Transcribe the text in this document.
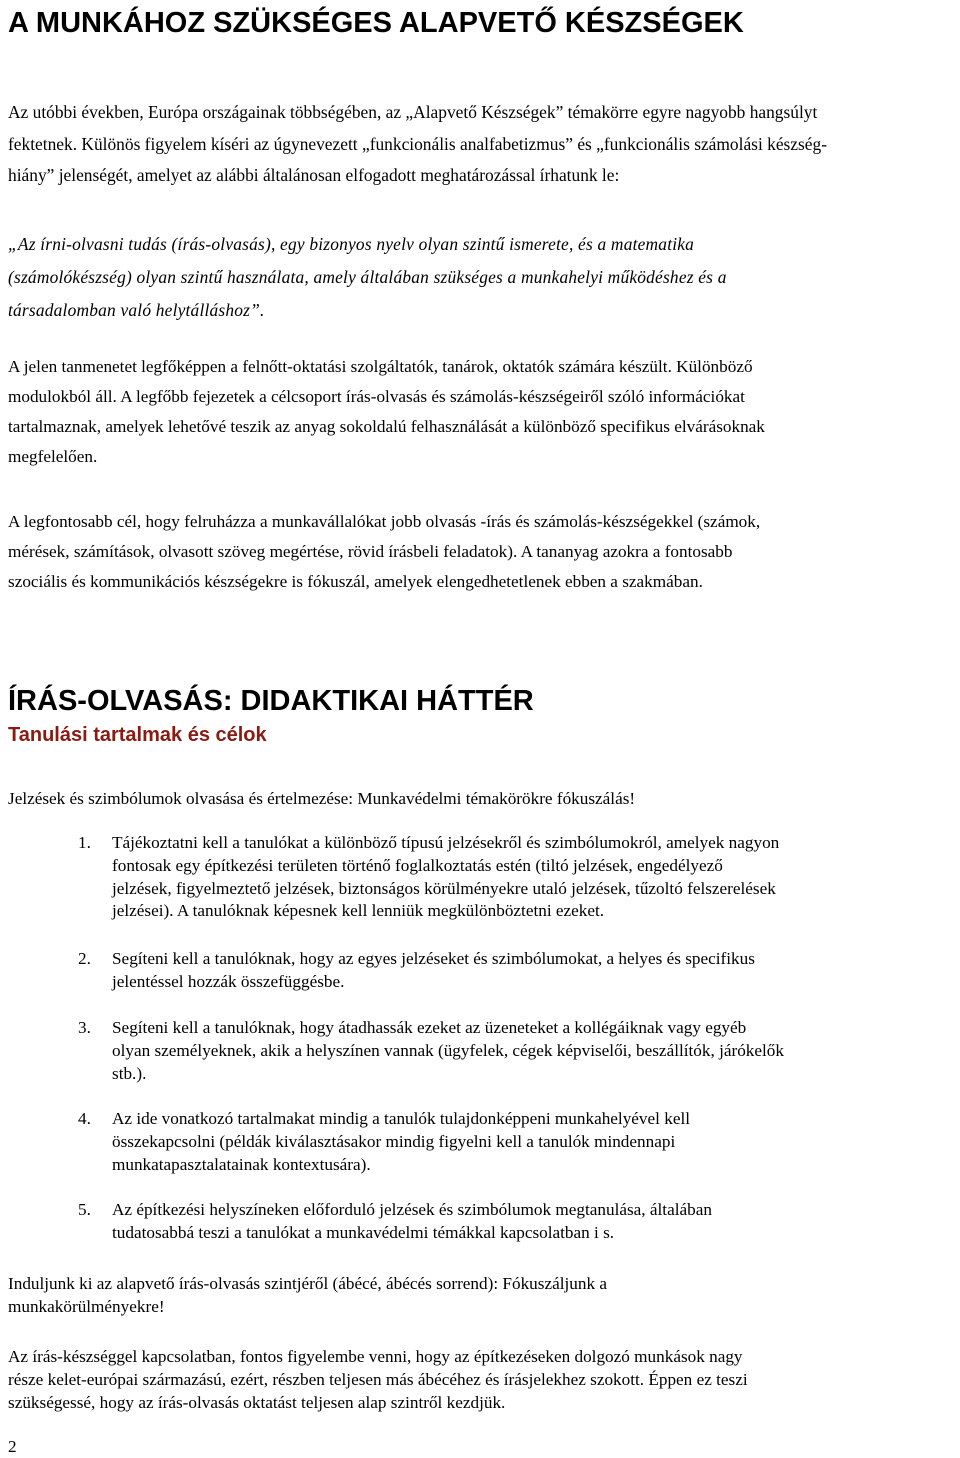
A MUNKÁHOZ SZÜKSÉGES ALAPVETŐ KÉSZSÉGEK

Az utóbbi években, Európa országainak többségében, az „Alapvető Készségek” témakörre egyre nagyobb hangsúlyt
fektetnek. Különös figyelem kíséri az úgynevezett „funkcionális analfabetizmus” és „funkcionális számolási készség-
hiány” jelenségét, amelyet az alábbi általánosan elfogadott meghatározással írhatunk le:

„Az írni-olvasni tudás (írás-olvasás), egy bizonyos nyelv olyan szintű ismerete, és a matematika
(számolókészség) olyan szintű használata, amely általában szükséges a munkahelyi működéshez és a
társadalomban való helytálláshoz”.

A jelen tanmenetet legfőképpen a felnőtt-oktatási szolgáltatók, tanárok, oktatók számára készült. Különböző
modulokból áll. A legfőbb fejezetek a célcsoport írás-olvasás és számolás-készségeiről szóló információkat
tartalmaznak, amelyek lehetővé teszik az anyag sokoldalú felhasználását a különböző specifikus elvárásoknak
megfelelően.

A legfontosabb cél, hogy felruházza a munkavállalókat jobb olvasás -írás és számolás-készségekkel (számok,
mérések, számítások, olvasott szöveg megértése, rövid írásbeli feladatok). A tananyag azokra a fontosabb
szociális és kommunikációs készségekre is fókuszál, amelyek elengedhetetlenek ebben a szakmában.

ÍRÁS-OLVASÁS: DIDAKTIKAI HÁTTÉR
Tanulási tartalmak és célok

Jelzések és szimbólumok olvasása és értelmezése: Munkavédelmi témakörökre fókuszálás!

1. Tájékoztatni kell a tanulókat a különböző típusú jelzésekről és szimbólumokról, amelyek nagyon
fontosak egy építkezési területen történő foglalkoztatás estén (tiltó jelzések, engedélyező
jelzések, figyelmeztető jelzések, biztonságos körülményekre utaló jelzések, tűzoltó felszerelések
jelzései). A tanulóknak képesnek kell lenniük megkülönböztetni ezeket.
2. Segíteni kell a tanulóknak, hogy az egyes jelzéseket és szimbólumokat, a helyes és specifikus
jelentéssel hozzák összefüggésbe.
3. Segíteni kell a tanulóknak, hogy átadhassák ezeket az üzeneteket a kollégáiknak vagy egyéb
olyan személyeknek, akik a helyszínen vannak (ügyfelek, cégek képviselői, beszállítók, járókelők
stb.).
4. Az ide vonatkozó tartalmakat mindig a tanulók tulajdonképpeni munkahelyével kell
összekapcsolni (példák kiválasztásakor mindig figyelni kell a tanulók mindennapi
munkatapasztalatainak kontextusára).
5. Az építkezési helyszíneken előforduló jelzések és szimbólumok megtanulása, általában
tudatosabbá teszi a tanulókat a munkavédelmi témákkal kapcsolatban i s.

Induljunk ki az alapvető írás-olvasás szintjéről (ábécé, ábécés sorrend): Fókuszáljunk a
munkakörülményekre!

Az írás-készséggel kapcsolatban, fontos figyelembe venni, hogy az építkezéseken dolgozó munkások nagy
része kelet-európai származású, ezért, részben teljesen más ábécéhez és írásjelekhez szokott. Éppen ez teszi
szükségessé, hogy az írás-olvasás oktatást teljesen alap szintről kezdjük.

2
